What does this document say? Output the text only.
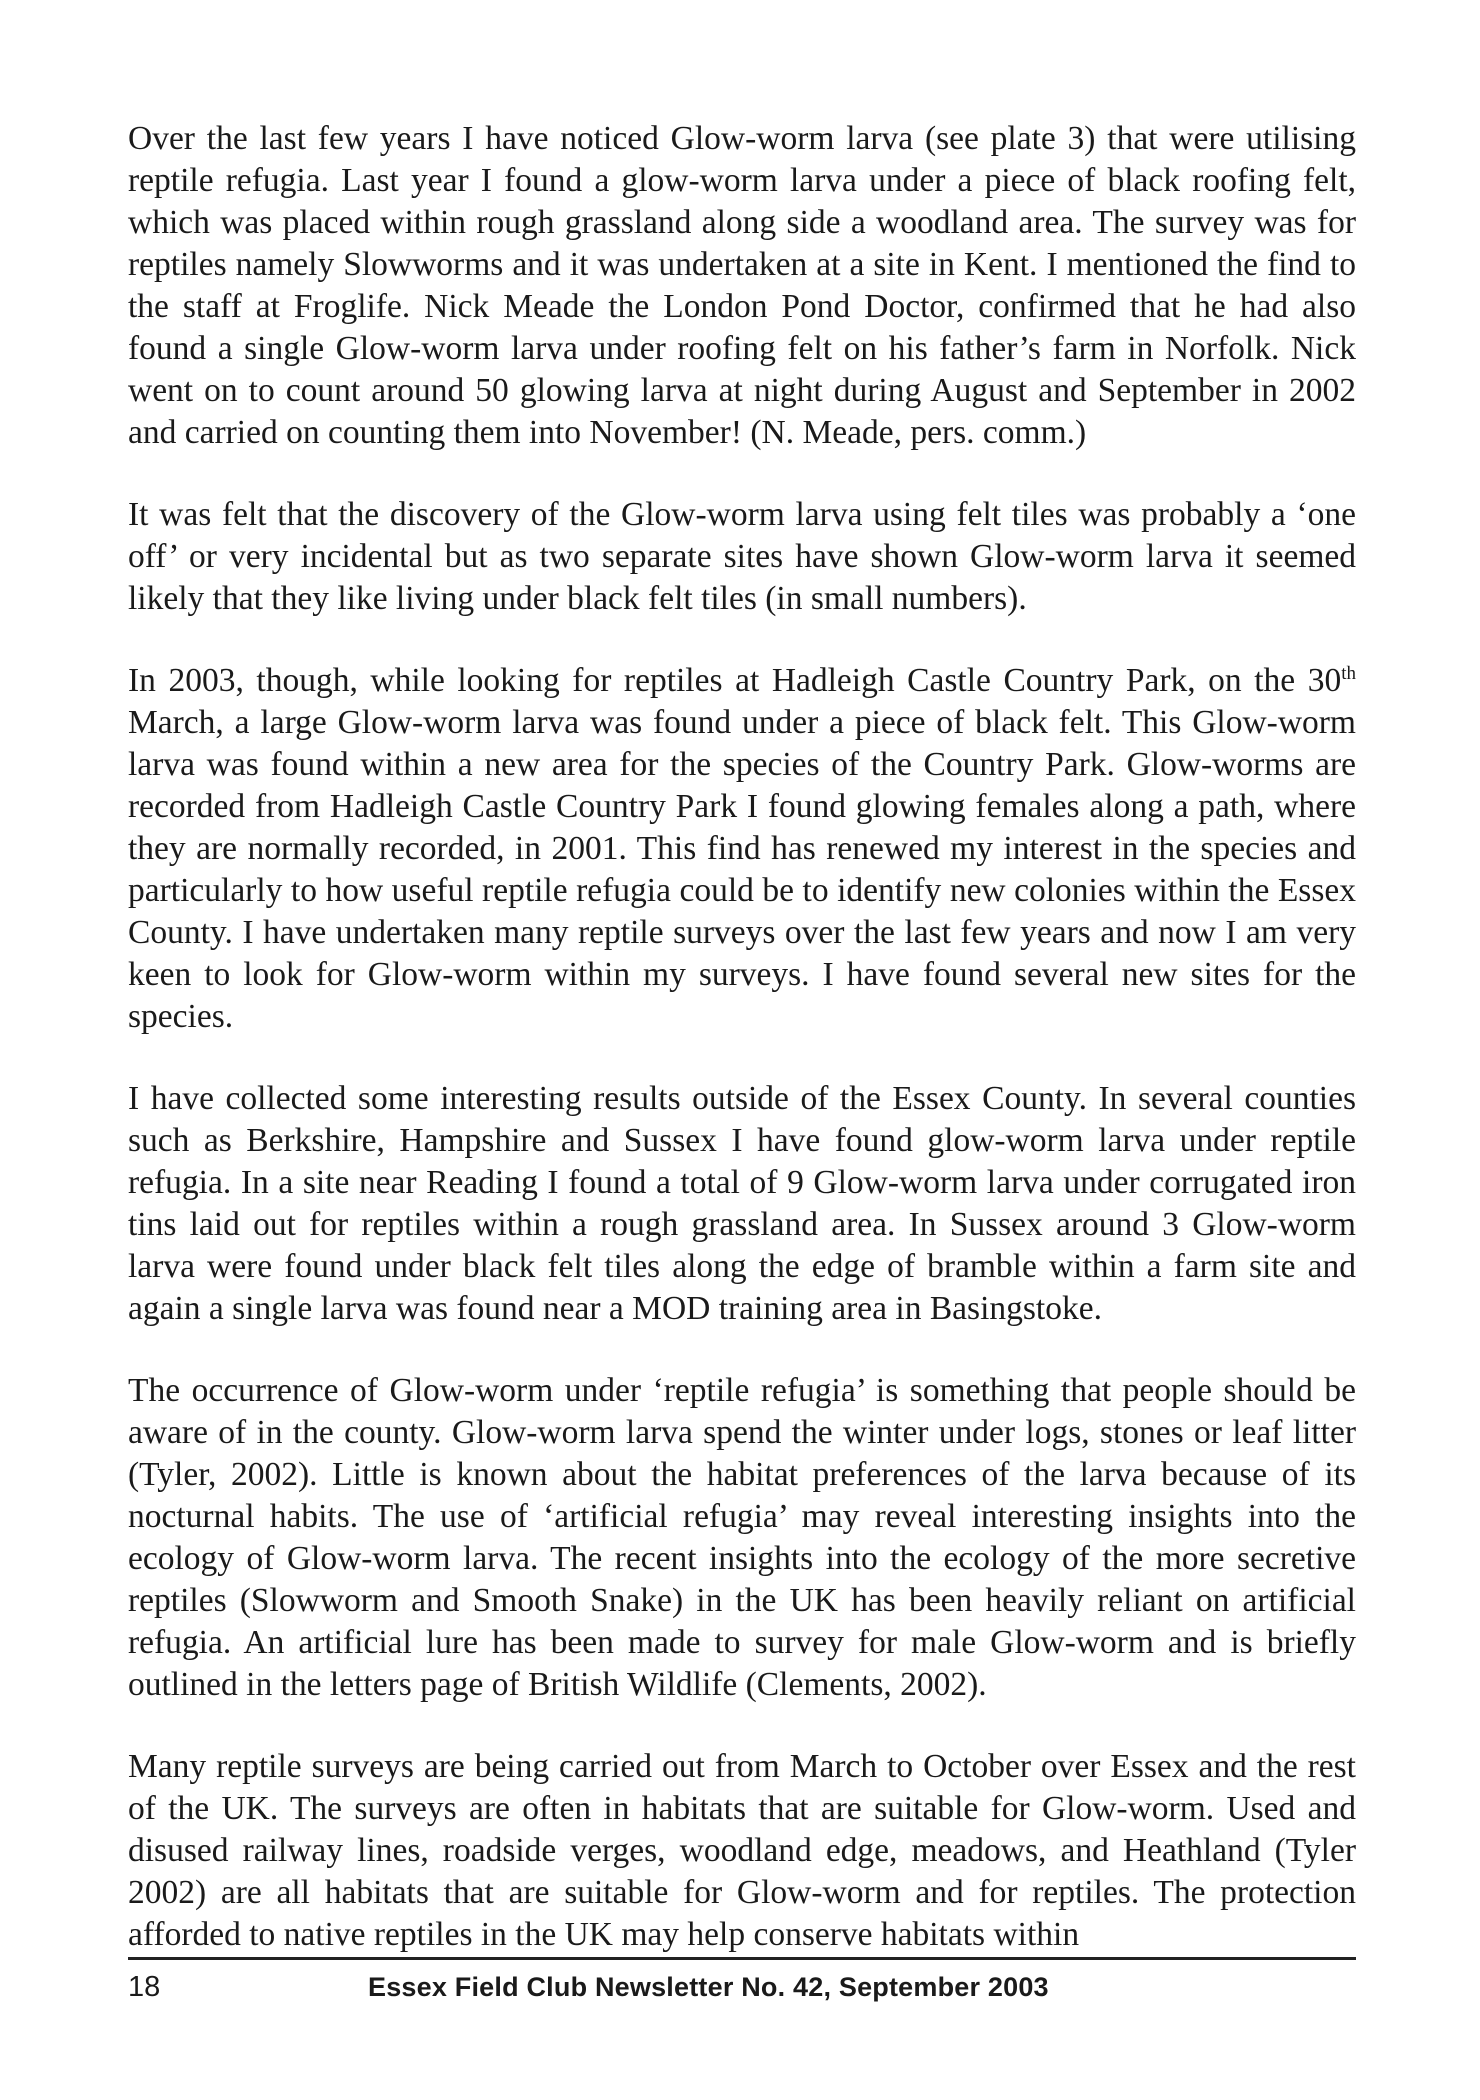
Over the last few years I have noticed Glow-worm larva (see plate 3) that were utilising reptile refugia. Last year I found a glow-worm larva under a piece of black roofing felt, which was placed within rough grassland along side a woodland area. The survey was for reptiles namely Slowworms and it was undertaken at a site in Kent. I mentioned the find to the staff at Froglife. Nick Meade the London Pond Doctor, confirmed that he had also found a single Glow-worm larva under roofing felt on his father’s farm in Norfolk. Nick went on to count around 50 glowing larva at night during August and September in 2002 and carried on counting them into November! (N. Meade, pers. comm.)

It was felt that the discovery of the Glow-worm larva using felt tiles was probably a ‘one off’ or very incidental but as two separate sites have shown Glow-worm larva it seemed likely that they like living under black felt tiles (in small numbers).

In 2003, though, while looking for reptiles at Hadleigh Castle Country Park, on the 30th March, a large Glow-worm larva was found under a piece of black felt. This Glow-worm larva was found within a new area for the species of the Country Park. Glow-worms are recorded from Hadleigh Castle Country Park I found glowing females along a path, where they are normally recorded, in 2001. This find has renewed my interest in the species and particularly to how useful reptile refugia could be to identify new colonies within the Essex County. I have undertaken many reptile surveys over the last few years and now I am very keen to look for Glow-worm within my surveys. I have found several new sites for the species.

I have collected some interesting results outside of the Essex County. In several counties such as Berkshire, Hampshire and Sussex I have found glow-worm larva under reptile refugia. In a site near Reading I found a total of 9 Glow-worm larva under corrugated iron tins laid out for reptiles within a rough grassland area. In Sussex around 3 Glow-worm larva were found under black felt tiles along the edge of bramble within a farm site and again a single larva was found near a MOD training area in Basingstoke.

The occurrence of Glow-worm under ‘reptile refugia’ is something that people should be aware of in the county. Glow-worm larva spend the winter under logs, stones or leaf litter (Tyler, 2002). Little is known about the habitat preferences of the larva because of its nocturnal habits. The use of ‘artificial refugia’ may reveal interesting insights into the ecology of Glow-worm larva. The recent insights into the ecology of the more secretive reptiles (Slowworm and Smooth Snake) in the UK has been heavily reliant on artificial refugia. An artificial lure has been made to survey for male Glow-worm and is briefly outlined in the letters page of British Wildlife (Clements, 2002).

Many reptile surveys are being carried out from March to October over Essex and the rest of the UK. The surveys are often in habitats that are suitable for Glow-worm. Used and disused railway lines, roadside verges, woodland edge, meadows, and Heathland (Tyler 2002) are all habitats that are suitable for Glow-worm and for reptiles. The protection afforded to native reptiles in the UK may help conserve habitats within

18	Essex Field Club Newsletter No. 42, September 2003
